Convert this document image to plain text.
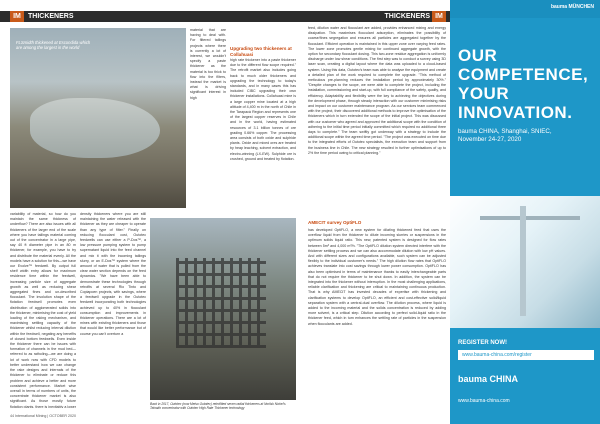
IM	THICKENERS
FLSmidth thickened at Escondida which are among the largest in the world
material that are having to deal with. For filtered tailings projects where there is currently a lot of interest, we wouldn't specify a paste thickener as the material is too thick to flow into the filters, instead the market is what is driving significant interest in high
Upgrading two thickeners at Collahuasi
high rate thickener into a paste thickener due to the different flow scope required." The retrofit market also includes going back to much older thickeners and upgrading the technology to today's standards, and in many cases this has included CIBC upgrading their own thickener installations. Collahuasi mine is a large copper mine located at a high altitude of 4,400 m in the north of Chile in the Tarapacá Region and represents one of the largest copper reserves in Chile and in the world, having estimated resources of 3.1 billion tonnes of ore grading 0.66% copper. The processing area consists of both oxide and sulphide plants. Oxide and mixed ores are treated by heap leaching, solvent extraction, and electro-winning (LX-EW). Sulphide ore is crushed, ground and treated by flotation.
variability of material, so how do you maintain the same thickness of underflow? There are also issues with all thickeners of the larger end of the scale where you have tailings material coming out of the concentrator in a large pipe, say 40 ft diameter pipe in an 80 m thickener, for example, you have to try and distribute the material evenly. All the models have a solution for this—we have our Evolve™ feedwell. By output full shelf width entry allows for maximum residence time within the feedwell, increasing particle size of aggregate growth as well as reducing shear aggregated fines and un-described flocculant. The involution shape of the flotation feedwell promotes even distribution of agglomerated solids into the thickener, minimising the cost of yield loading of the raking mechanism, and maximising settling capacity of the thickener whilst reducing internal dilution within the feedwell, negating any benefits of closed bottom feedwells. Even inside the thickener there can be issues with formation of channels in the mud bed—referred to as ratholing—we are doing a lot of work now with CFD models to better understand how we can change the rake designs and internals of the thickener to eliminate or reduce this problem and achieve a better and more consistent performance. Market wise overall in terms of numbers of units, the concentrate thickener market is also significant. As those mostly future flotation plants, there is inevitably a lower
density thickeners where you are still maintaining the water released with the thickener as they are cheaper to operate than any type of filter." Finally on reducing flocculant cost, Outotec feedwells can use either a P-Dos™, a low pressure pumping system to pump supernatant liquid into the feed channel and mix it with the incoming tailings slurry, or an E-Dos™ system where the amount of water that is pulled from the clear water section depends on the feed dynamics. "We have been able to demonstrate these technologies through retrofits at several Rio Tinto and Copiapoen projects, with savings, where a feedwell upgrade in the Outotec feedwell incorporating both technologies achieved up to 40% in flocculant consumption and improvements in thickener operations. There are a lot of mines with existing thickeners and those that would like better performance but of course you can't overturn a
Back in 2017, Outotec (now Metso Outotec) retrofitted seven radial thickeners at Norilsk Nickel's Talnakh concentrator with Outotec High Rate Thickener technology
44 International Mining | OCTOBER 2020
THICKENERS IM
feed, dilution water and flocculant are added, provides enhanced mixing and energy dissipation. This maximises flocculant adsorption, eliminates the possibility of coarse/fines segregation and ensures all particles are aggregated together by the flocculant. Efficient operation is maintained in this upper zone over varying feed rates. The lower zone promotes gentle mixing for continued aggregate growth, with the option for secondary flocculant dosing. This two-zone residue aggregation is uniformly discharge under low shear conditions. The first step was to conduct a survey using 3D laser scan, creating a digital layout where the data was uploaded to a cloud-based system. Using this data, Outotec's team was able to analyse the equipment and create a detailed plan of the work required to complete the upgrade. "This method of meticulous pre-planning reduces the installation period by approximately 30%." "Despite changes to the scope, we were able to complete the project, including the installation, commissioning and start-up, with full compliance of the safety, quality, and efficiency. Adaptability and flexibility were the key to achieving the objectives during the development phase, through steady interaction with our customer minimising risks and impact on our customer maintenance program. As our services team commenced with the project, their discovered additional methods to improve the optimisation of the thickeners which in turn extended the scope of the initial project. This was discussed with our customer who agreed and approved the additional scope with the condition of adhering to the initial time period initially committed which required no additional three days to complete." The team swiftly got underway with a strategy to include the additional scope within the agreed time period. "The project was executed on time due to the integrated efforts of Outotec specialists, the execution team and support from the business line in Chile. The new strategy resulted in further optimisations of up to 2% the time period owing to critical planning."
AMECIT survey OptiFLO
has developed OptiFLO, a new system for dilating thickened feed that uses the overflow liquid from the thickener to dilute incoming slurries or suspensions in the optimum solids liquid ratio. This new, patented system is designed for flow rates between 5m³ and 4,000 m³/h. "The OptiFLO dilution system directed interfere with the thickener settling process and we can also accommodate dilution with low pH values. And with different sizes and configurations available, such system can be adjusted flexibly to the individual customer's needs." The high dilution flow rates that OptiFLO achieves translate into cost savings through lower power consumption. OptiFLO has also been optimised in terms of maintenance thanks to easily interchangeable parts that do not require the thickener to be shut down. In addition, the system can be integrated into the thickener without interruption. In the most challenging applications, reliable clarification and thickening are critical to maintaining continuous production. That is why AMECIT has invested decades of expertise with thickening and clarification systems to develop OptiFLO, an efficient and cost-effective solid/liquid separation system with a central-dual overflow. The dilution process, where liquid is added to the incoming material and the solids concentration is reduced by adding more solvent, is a critical step. Dilution according to perfect solid-liquid ratio in the thickener feed, which in turn enhances the settling rate of particles in the suspension when flocculants are added.
bauma MÜNCHEN
OUR
COMPETENCE,
YOUR
INNOVATION.
bauma CHINA, Shanghai, SNIEC,
November 24-27, 2020
REGISTER NOW!
www.bauma-china.com/register
bauma CHINA
www.bauma-china.com
